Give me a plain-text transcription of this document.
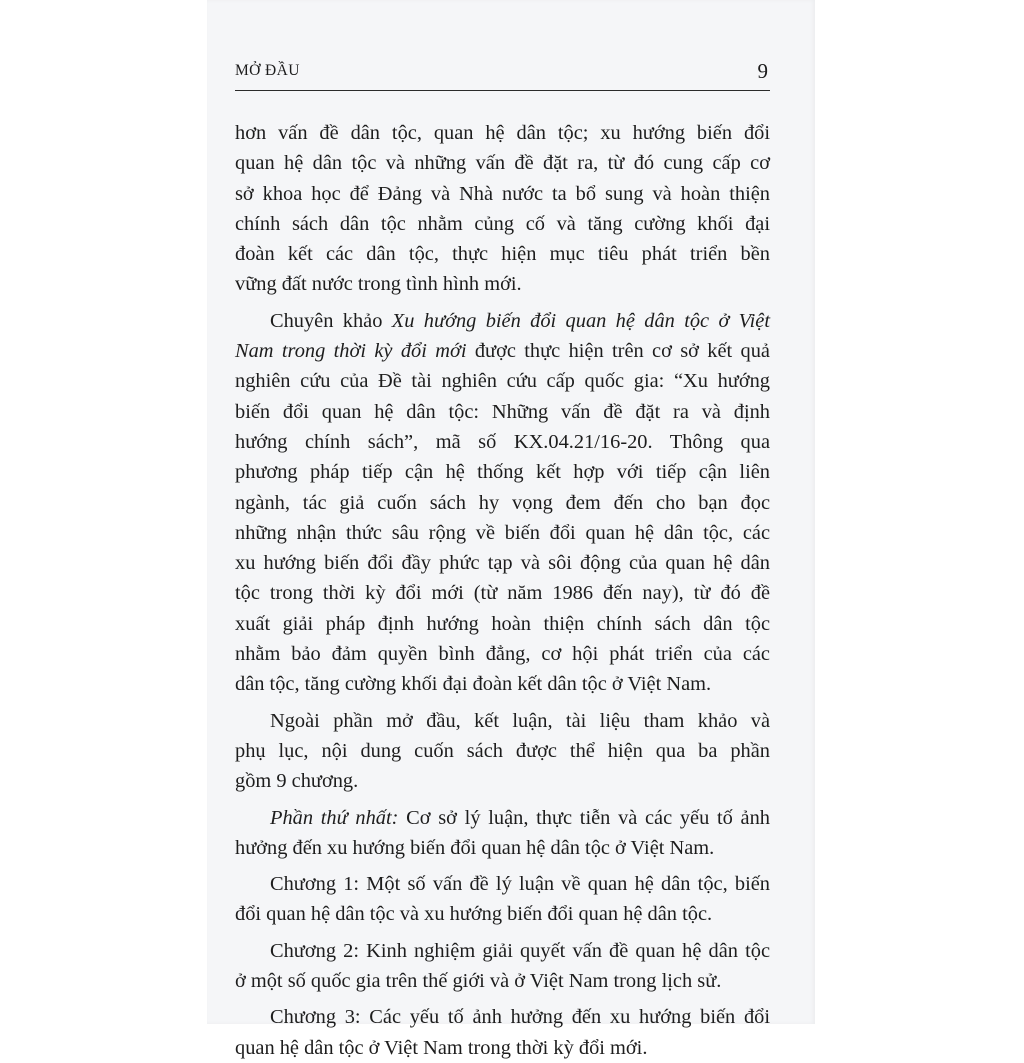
MỞ ĐẦU	9
hơn vấn đề dân tộc, quan hệ dân tộc; xu hướng biến đổi
quan hệ dân tộc và những vấn đề đặt ra, từ đó cung cấp cơ
sở khoa học để Đảng và Nhà nước ta bổ sung và hoàn thiện
chính sách dân tộc nhằm củng cố và tăng cường khối đại
đoàn kết các dân tộc, thực hiện mục tiêu phát triển bền
vững đất nước trong tình hình mới.
Chuyên khảo Xu hướng biến đổi quan hệ dân tộc ở Việt
Nam trong thời kỳ đổi mới được thực hiện trên cơ sở kết quả
nghiên cứu của Đề tài nghiên cứu cấp quốc gia: “Xu hướng
biến đổi quan hệ dân tộc: Những vấn đề đặt ra và định
hướng chính sách”, mã số KX.04.21/16-20. Thông qua
phương pháp tiếp cận hệ thống kết hợp với tiếp cận liên
ngành, tác giả cuốn sách hy vọng đem đến cho bạn đọc
những nhận thức sâu rộng về biến đổi quan hệ dân tộc, các
xu hướng biến đổi đầy phức tạp và sôi động của quan hệ dân
tộc trong thời kỳ đổi mới (từ năm 1986 đến nay), từ đó đề
xuất giải pháp định hướng hoàn thiện chính sách dân tộc
nhằm bảo đảm quyền bình đẳng, cơ hội phát triển của các
dân tộc, tăng cường khối đại đoàn kết dân tộc ở Việt Nam.
Ngoài phần mở đầu, kết luận, tài liệu tham khảo và
phụ lục, nội dung cuốn sách được thể hiện qua ba phần
gồm 9 chương.
Phần thứ nhất: Cơ sở lý luận, thực tiễn và các yếu tố ảnh
hưởng đến xu hướng biến đổi quan hệ dân tộc ở Việt Nam.
Chương 1: Một số vấn đề lý luận về quan hệ dân tộc, biến
đổi quan hệ dân tộc và xu hướng biến đổi quan hệ dân tộc.
Chương 2: Kinh nghiệm giải quyết vấn đề quan hệ dân tộc
ở một số quốc gia trên thế giới và ở Việt Nam trong lịch sử.
Chương 3: Các yếu tố ảnh hưởng đến xu hướng biến đổi
quan hệ dân tộc ở Việt Nam trong thời kỳ đổi mới.
